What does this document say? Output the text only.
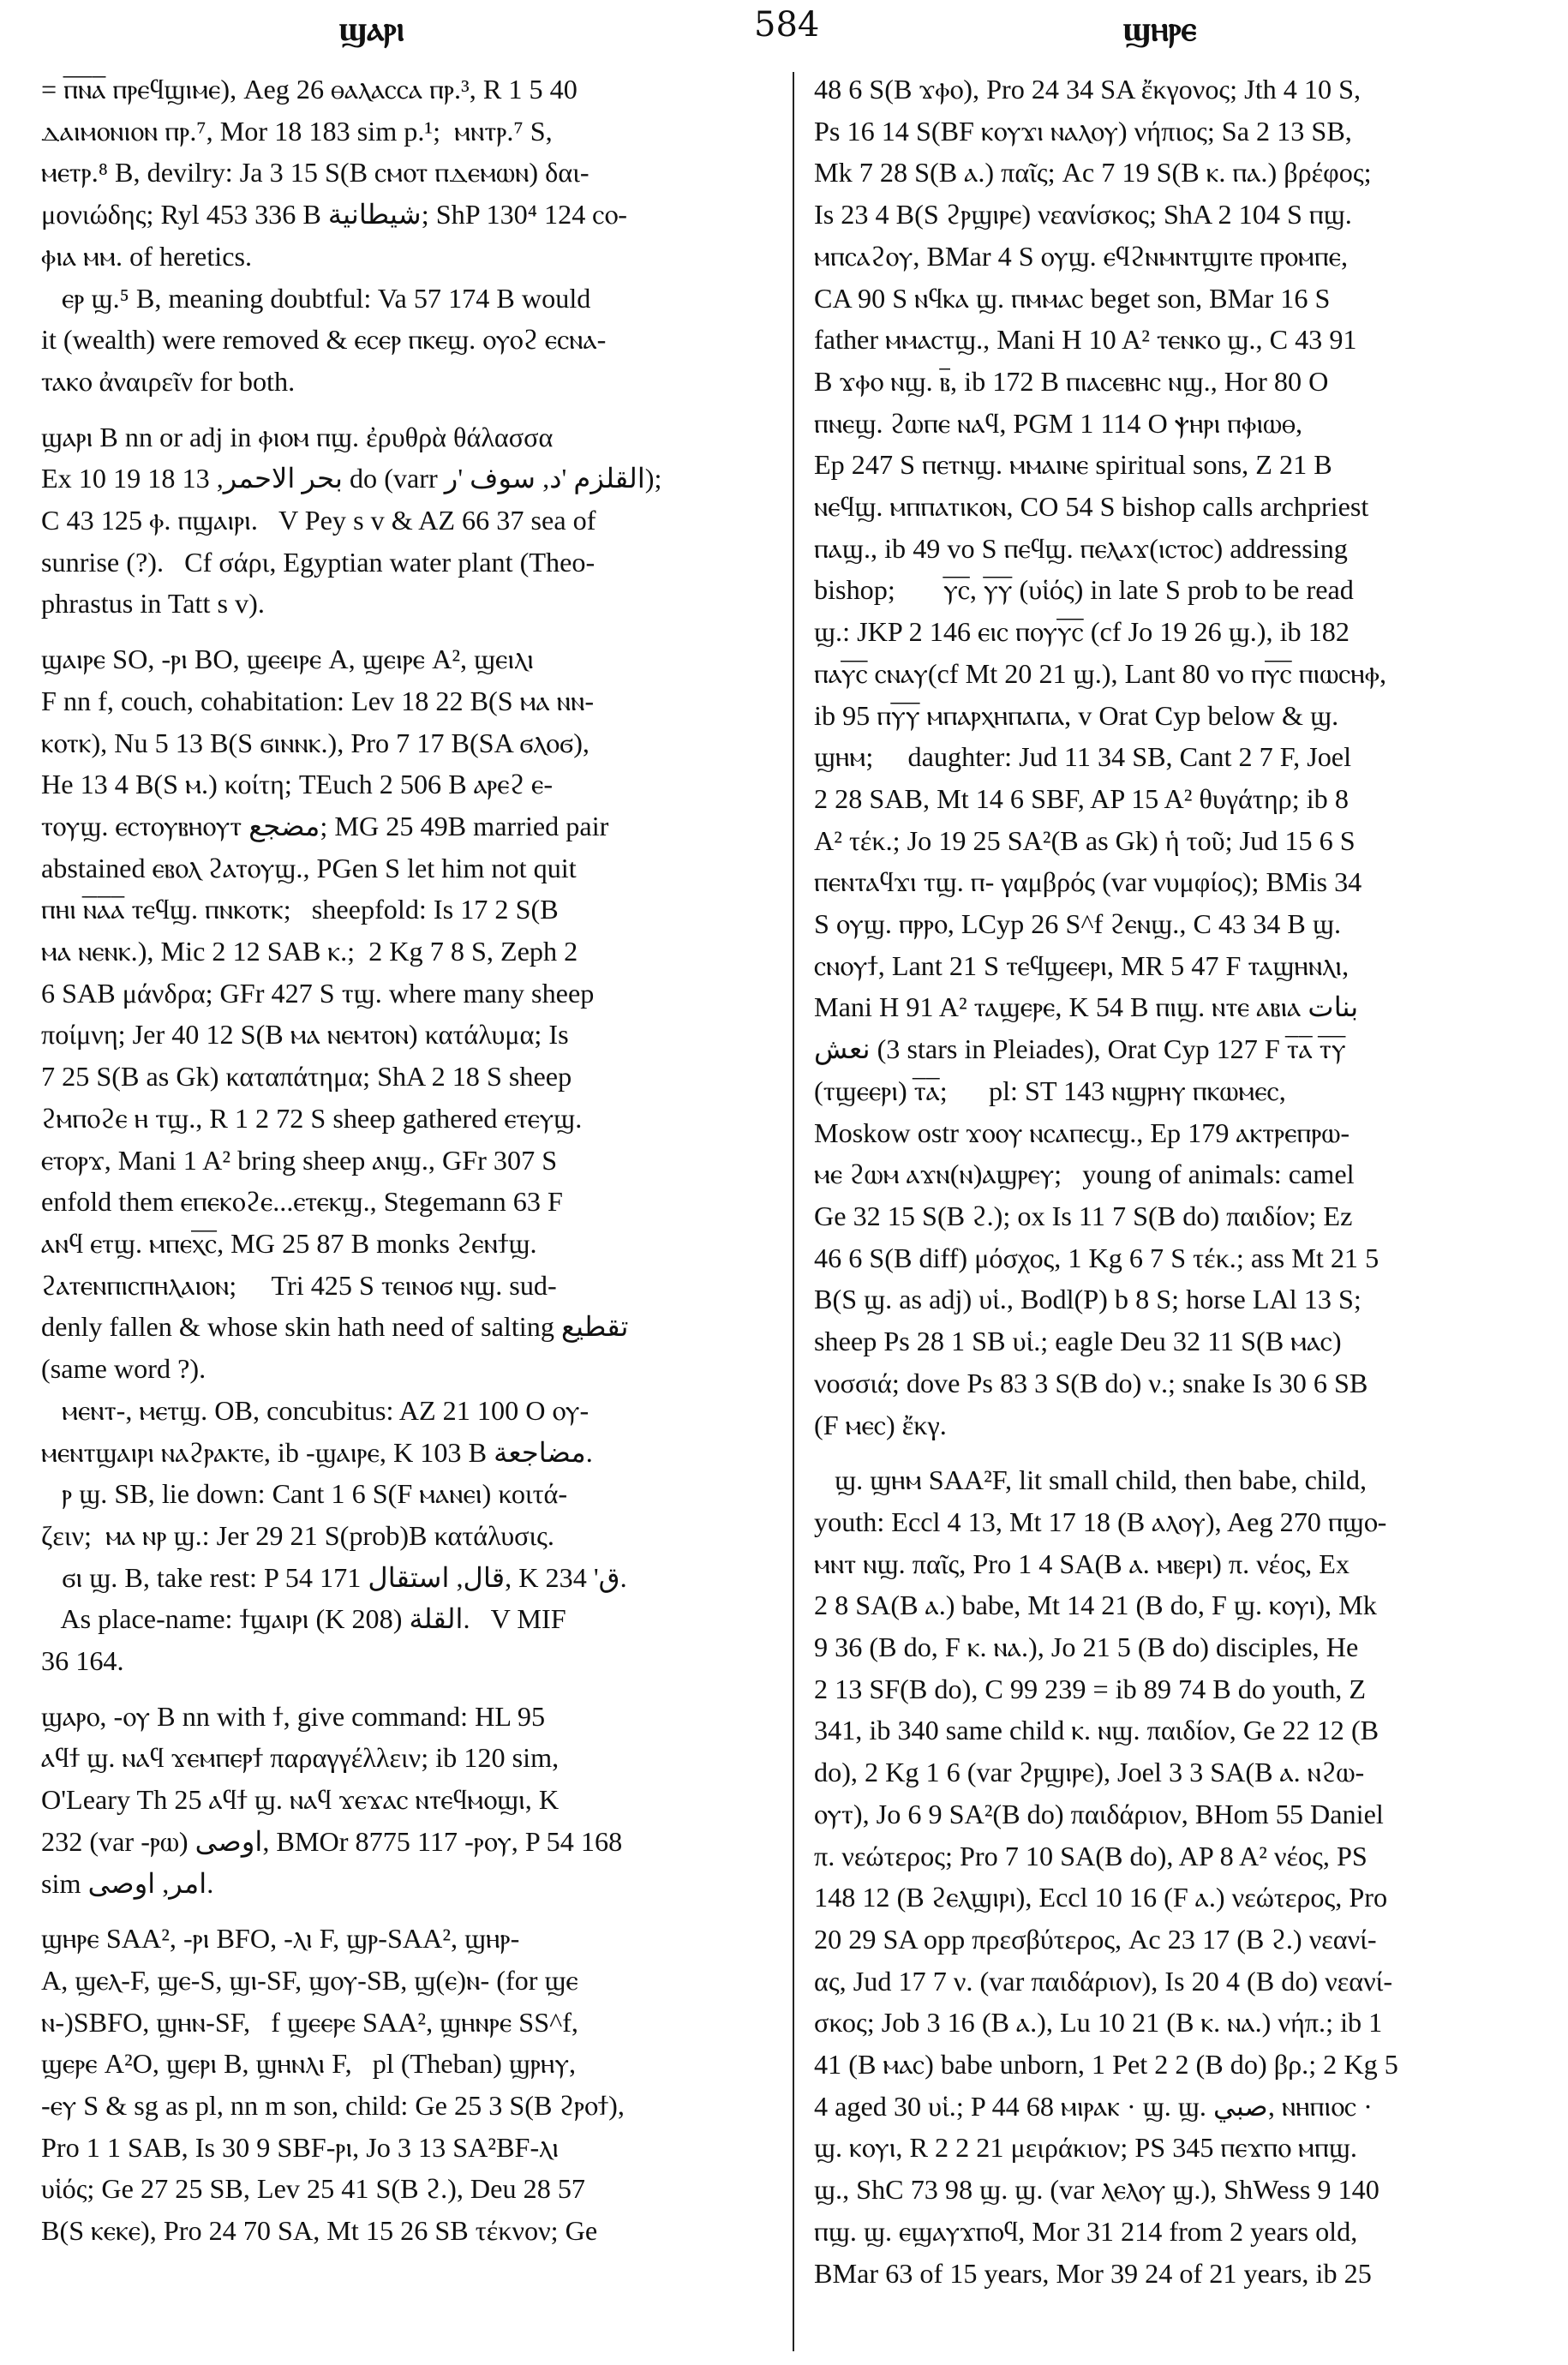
ϣⲁⲣⲓ	584	ϣⲏⲣⲉ

= ⲡ̅ⲛ̅ⲁ̅ ⲡⲣⲉϥϣⲓⲙⲉ), Aeg 26 ⲑⲁⲗⲁⲥⲥⲁ ⲡⲣ.³, R 1 5 40

ⲇⲁⲓⲙⲟⲛⲓⲟⲛ ⲡⲣ.⁷, Mor 18 183 sim p.¹;  ⲙⲛⲧⲣ.⁷ S,

ⲙⲉⲧⲣ.⁸ B, devilry: Ja 3 15 S(B ⲥⲙⲟⲧ ⲡⲇⲉⲙⲱⲛ) δαι-

μονιώδης; Ryl 453 336 B شيطانية; ShP 130⁴ 124 ⲥⲟ-

ⲫⲓⲁ ⲙⲙ. of heretics.

ⲉⲣ ϣ.⁵ B, meaning doubtful: Va 57 174 B would

it (wealth) were removed & ⲉⲥⲉⲣ ⲡⲕⲉϣ. ⲟⲩⲟϩ ⲉⲥⲛⲁ-

ⲧⲁⲕⲟ ἀναιρεῖν for both.

ϣⲁⲣⲓ B nn or adj in ⲫⲓⲟⲙ ⲡϣ. ἐρυθρὰ θάλασσα

Ex 10 19 بحر الاحمر, 13 18 do (varr القلزم 'د, سوف 'ر);

C 43 125 ⲫ. ⲡϣⲁⲓⲣⲓ.   V Pey s v & AZ 66 37 sea of

sunrise (?).   Cf σάρι, Egyptian water plant (Theo-

phrastus in Tatt s v).

ϣⲁⲓⲣⲉ SO, -ⲣⲓ BO, ϣⲉⲉⲓⲣⲉ A, ϣⲉⲓⲣⲉ A², ϣⲉⲓⲗⲓ

F nn f, couch, cohabitation: Lev 18 22 B(S ⲙⲁ ⲛⲛ-

ⲕⲟⲧⲕ), Nu 5 13 B(S ϭⲓⲛⲛⲕ.), Pro 7 17 B(SA ϭⲗⲟϭ),

He 13 4 B(S ⲙ.) κοίτη; TEuch 2 506 B ⲁⲣⲉϩ ⲉ-

ⲧⲟⲩϣ. ⲉⲥⲧⲟⲩⲃⲏⲟⲩⲧ مضجع; MG 25 49B married pair

abstained ⲉⲃⲟⲗ ϩⲁⲧⲟⲩϣ., PGen S let him not quit

ⲡⲏⲓ ⲛ̅ⲁ̅ⲁ̅ ⲧⲉϥϣ. ⲡⲛⲕⲟⲧⲕ;   sheepfold: Is 17 2 S(B

ⲙⲁ ⲛⲉⲛⲕ.), Mic 2 12 SAB ⲕ.;  2 Kg 7 8 S, Zeph 2

6 SAB μάνδρα; GFr 427 S ⲧϣ. where many sheep

ποίμνη; Jer 40 12 S(B ⲙⲁ ⲛⲉⲙⲧⲟⲛ) κατάλυμα; Is

7 25 S(B as Gk) καταπάτημα; ShA 2 18 S sheep

ϩⲙⲡⲟϩⲉ ⲏ ⲧϣ., R 1 2 72 S sheep gathered ⲉⲧⲉⲩϣ.

ⲉⲧⲟⲣϫ, Mani 1 A² bring sheep ⲁⲛϣ., GFr 307 S

enfold them ⲉⲡⲉⲕⲟϩⲉ...ⲉⲧⲉⲕϣ., Stegemann 63 F

ⲁⲛϥ ⲉⲧϣ. ⲙⲡⲉⲭ̅ⲥ̅, MG 25 87 B monks ϩⲉⲛϯϣ.

ϩⲁⲧⲉⲛⲡⲓⲥⲡⲏⲗⲁⲓⲟⲛ;     Tri 425 S ⲧⲉⲓⲛⲟϭ ⲛϣ. sud-

denly fallen & whose skin hath need of salting تقطيع

(same word ?).

ⲙⲉⲛⲧ-, ⲙⲉⲧϣ. OB, concubitus: AZ 21 100 O ⲟⲩ-

ⲙⲉⲛⲧϣⲁⲓⲣⲓ ⲛⲁϩⲣⲁⲕⲧⲉ, ib -ϣⲁⲓⲣⲉ, K 103 B مضاجعة.

ⲣ ϣ. SB, lie down: Cant 1 6 S(F ⲙⲁⲛⲉⲓ) κοιτά-

ζειν;  ⲙⲁ ⲛⲣ ϣ.: Jer 29 21 S(prob)B κατάλυσις.

ϭⲓ ϣ. B, take rest: P 54 171 قال, استقال, K 234 'ق.

As place-name: ϯϣⲁⲓⲣⲓ (K 208) القلة.   V MIF

36 164.

ϣⲁⲣⲟ, -ⲟⲩ B nn with ϯ, give command: HL 95

ⲁϥϯ ϣ. ⲛⲁϥ ϫⲉⲙⲡⲉⲣϯ παραγγέλλειν; ib 120 sim,

O'Leary Th 25 ⲁϥϯ ϣ. ⲛⲁϥ ϫⲉϫⲁⲥ ⲛⲧⲉϥⲙⲟϣⲓ, K

232 (var -ⲣⲱ) اوصى, BMOr 8775 117 -ⲣⲟⲩ, P 54 168

sim امر, اوصى.

ϣⲏⲣⲉ SAA², -ⲣⲓ BFO, -ⲗⲓ F, ϣⲣ-SAA², ϣⲏⲣ-

A, ϣⲉⲗ-F, ϣⲉ-S, ϣⲓ-SF, ϣⲟⲩ-SB, ϣ(ⲉ)ⲛ- (for ϣⲉ

ⲛ-)SBFO, ϣⲏⲛ-SF,   f ϣⲉⲉⲣⲉ SAA², ϣⲏⲛⲣⲉ SS^f,

ϣⲉⲣⲉ A²O, ϣⲉⲣⲓ B, ϣⲏⲛⲗⲓ F,   pl (Theban) ϣⲣⲏⲩ,

-ⲉⲩ S & sg as pl, nn m son, child: Ge 25 3 S(B ϩⲣⲟϯ),

Pro 1 1 SAB, Is 30 9 SBF-ⲣⲓ, Jo 3 13 SA²BF-ⲗⲓ

υἱός; Ge 27 25 SB, Lev 25 41 S(B ϩ.), Deu 28 57

B(S ⲕⲉⲕⲉ), Pro 24 70 SA, Mt 15 26 SB τέκνον; Ge

48 6 S(B ϫⲫⲟ), Pro 24 34 SA ἔκγονος; Jth 4 10 S,

Ps 16 14 S(BF ⲕⲟⲩϫⲓ ⲛⲁⲗⲟⲩ) νήπιος; Sa 2 13 SB,

Mk 7 28 S(B ⲁ.) παῖς; Ac 7 19 S(B ⲕ. ⲡⲁ.) βρέφος;

Is 23 4 B(S ϩⲣϣⲓⲣⲉ) νεανίσκος; ShA 2 104 S ⲡϣ.

ⲙⲡⲥⲁϩⲟⲩ, BMar 4 S ⲟⲩϣ. ⲉϥϩⲛⲙⲛⲧϣⲓⲧⲉ ⲡⲣⲟⲙⲡⲉ,

CA 90 S ⲛϥⲕⲁ ϣ. ⲡⲙⲙⲁⲥ beget son, BMar 16 S

father ⲙⲙⲁⲥⲧϣ., Mani H 10 A² ⲧⲉⲛⲕⲟ ϣ., C 43 91

B ϫⲫⲟ ⲛϣ. ⲃ̅, ib 172 B ⲡⲓⲁⲥⲉⲃⲏⲥ ⲛϣ., Hor 80 O

ⲡⲛⲉϣ. ϩⲱⲡⲉ ⲛⲁϥ, PGM 1 114 O ⲯⲏⲣⲓ ⲡⲫⲓⲱⲑ,

Ep 247 S ⲡⲉⲧⲛϣ. ⲙⲙⲁⲓⲛⲉ spiritual sons, Z 21 B

ⲛⲉϥϣ. ⲙⲡⲡⲁⲧⲓⲕⲟⲛ, CO 54 S bishop calls archpriest

ⲡⲁϣ., ib 49 vo S ⲡⲉϥϣ. ⲡⲉⲗⲁϫ(ⲓⲥⲧⲟⲥ) addressing

bishop;       ⲩ̅ⲥ̅, ⲩ̅ⲩ̅ (υἱός) in late S prob to be read

ϣ.: JKP 2 146 ⲉⲓⲥ ⲡⲟⲩⲩ̅ⲥ̅ (cf Jo 19 26 ϣ.), ib 182

ⲡⲁⲩ̅ⲥ̅ ⲥⲛⲁⲩ(cf Mt 20 21 ϣ.), Lant 80 vo ⲡⲩ̅ⲥ̅ ⲡⲓⲱⲥⲏⲫ,

ib 95 ⲡⲩ̅ⲩ̅ ⲙⲡⲁⲣⲭⲏⲡⲁⲡⲁ, v Orat Cyp below & ϣ.

ϣⲏⲙ;     daughter: Jud 11 34 SB, Cant 2 7 F, Joel

2 28 SAB, Mt 14 6 SBF, AP 15 A² θυγάτηρ; ib 8

A² τέκ.; Jo 19 25 SA²(B as Gk) ἡ τοῦ; Jud 15 6 S

ⲡⲉⲛⲧⲁϥϫⲓ ⲧϣ. ⲡ- γαμβρός (var νυμφίος); BMis 34

S ⲟⲩϣ. ⲡⲣⲣⲟ, LCyp 26 S^f ϩⲉⲛϣ., C 43 34 B ϣ.

ⲥⲛⲟⲩϯ, Lant 21 S ⲧⲉϥϣⲉⲉⲣⲓ, MR 5 47 F ⲧⲁϣⲏⲛⲗⲓ,

Mani H 91 A² ⲧⲁϣⲉⲣⲉ, K 54 B ⲡⲓϣ. ⲛⲧⲉ ⲁⲃⲓⲁ بنات

نعش (3 stars in Pleiades), Orat Cyp 127 F ⲧ̅ⲁ̅ ⲧ̅ⲩ̅

(ⲧϣⲉⲉⲣⲓ) ⲧ̅ⲁ̅;      pl: ST 143 ⲛϣⲣⲏⲩ ⲡⲕⲱⲙⲉⲥ,

Moskow ostr ϫⲟⲟⲩ ⲛⲥⲁⲡⲉⲥϣ., Ep 179 ⲁⲕⲧⲣⲉⲡⲣⲱ-

ⲙⲉ ϩⲱⲙ ⲁϫⲛ(ⲛ)ⲁϣⲣⲉⲩ;   young of animals: camel

Ge 32 15 S(B ϩ.); ox Is 11 7 S(B do) παιδίον; Ez

46 6 S(B diff) μόσχος, 1 Kg 6 7 S τέκ.; ass Mt 21 5

B(S ϣ. as adj) υἱ., Bodl(P) b 8 S; horse LAl 13 S;

sheep Ps 28 1 SB υἱ.; eagle Deu 32 11 S(B ⲙⲁⲥ)

νοσσιά; dove Ps 83 3 S(B do) ν.; snake Is 30 6 SB

(F ⲙⲉⲥ) ἔκγ.

ϣ. ϣⲏⲙ SAA²F, lit small child, then babe, child,

youth: Eccl 4 13, Mt 17 18 (B ⲁⲗⲟⲩ), Aeg 270 ⲡϣⲟ-

ⲙⲛⲧ ⲛϣ. παῖς, Pro 1 4 SA(B ⲁ. ⲙⲃⲉⲣⲓ) π. νέος, Ex

2 8 SA(B ⲁ.) babe, Mt 14 21 (B do, F ϣ. ⲕⲟⲩⲓ), Mk

9 36 (B do, F ⲕ. ⲛⲁ.), Jo 21 5 (B do) disciples, He

2 13 SF(B do), C 99 239 = ib 89 74 B do youth, Z

341, ib 340 same child ⲕ. ⲛϣ. παιδίον, Ge 22 12 (B

do), 2 Kg 1 6 (var ϩⲣϣⲓⲣⲉ), Joel 3 3 SA(B ⲁ. ⲛϩⲱ-

ⲟⲩⲧ), Jo 6 9 SA²(B do) παιδάριον, BHom 55 Daniel

π. νεώτερος; Pro 7 10 SA(B do), AP 8 A² νέος, PS

148 12 (B ϩⲉⲗϣⲓⲣⲓ), Eccl 10 16 (F ⲁ.) νεώτερος, Pro

20 29 SA opp πρεσβύτερος, Ac 23 17 (B ϩ.) νεανί-

ας, Jud 17 7 ν. (var παιδάριον), Is 20 4 (B do) νεανί-

σκος; Job 3 16 (B ⲁ.), Lu 10 21 (B ⲕ. ⲛⲁ.) νήπ.; ib 1

41 (B ⲙⲁⲥ) babe unborn, 1 Pet 2 2 (B do) βρ.; 2 Kg 5

4 aged 30 υἱ.; P 44 68 ⲙⲓⲣⲁⲕ · ϣ. ϣ. صبي, ⲛⲏⲡⲓⲟⲥ ·

ϣ. ⲕⲟⲩⲓ, R 2 2 21 μειράκιον; PS 345 ⲡⲉϫⲡⲟ ⲙⲡϣ.

ϣ., ShC 73 98 ϣ. ϣ. (var ⲗⲉⲗⲟⲩ ϣ.), ShWess 9 140

ⲡϣ. ϣ. ⲉϣⲁⲩϫⲡⲟϥ, Mor 31 214 from 2 years old,

BMar 63 of 15 years, Mor 39 24 of 21 years, ib 25
